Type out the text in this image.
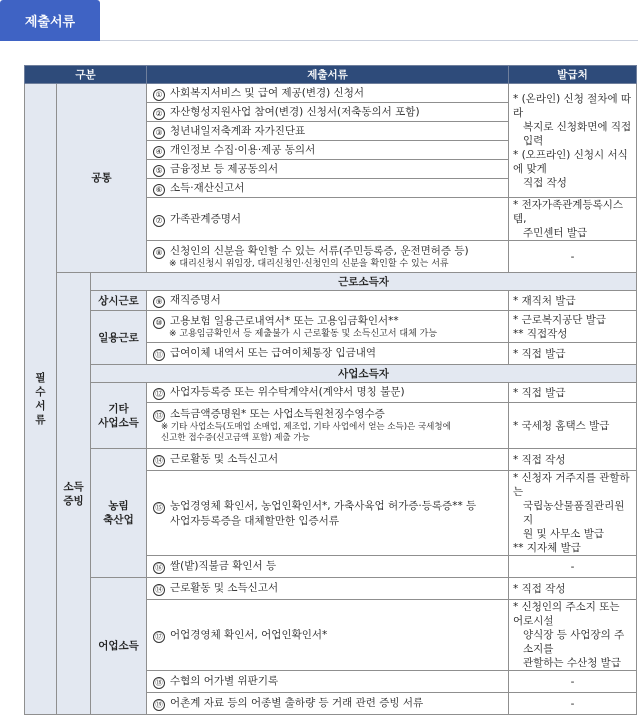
제출서류
구분			제출서류	발급처

필
수
서
류	공통		① 사회복지서비스 및 급여 제공(변경) 신청서	* (온라인) 신청 절차에 따라
복지로 신청화면에 직접 입력
* (오프라인) 신청시 서식에 맞게
직접 작성

			② 자산형성지원사업 참여(변경) 신청서(저축동의서 포함)	
			③ 청년내일저축계좌 자가진단표	
			④ 개인정보 수집·이용·제공 동의서	
			⑤ 금융정보 등 제공동의서	
			⑥ 소득·재산신고서	
			⑦ 가족관계증명서	* 전자가족관계등록시스템,
주민센터 발급

			⑧ 신청인의 신분을 확인할 수 있는 서류(주민등록증, 운전면허증 등)
※ 대리신청시 위임장, 대리신청인·신청인의 신분을 확인할 수 있는 서류	-

	소득
증빙	근로소득자		
		상시근로	⑨ 재직증명서	* 재직처 발급
		일용근로	⑩ 고용보험 일용근로내역서* 또는 고용임금확인서**
※ 고용임금확인서 등 제출불가 시 근로활동 및 소득신고서 대체 가능	* 근로복지공단 발급
** 직접작성

			⑪ 급여이체 내역서 또는 급여이체통장 입금내역	* 직접 발급
		사업소득자		

		기타
사업소득	⑫ 사업자등록증 또는 위수탁계약서(계약서 명칭 불문)	* 직접 발급

			⑬ 소득금액증명원* 또는 사업소득원천징수영수증
※ 기타 사업소득(도매업 소매업, 제조업, 기타 사업에서 얻는 소득)은 국세청에
신고한 접수증(신고금액 포함) 제출 가능	* 국세청 홈택스 발급

		농림
축산업	⑭ 근로활동 및 소득신고서	* 직접 작성

			⑮ 농업경영체 확인서, 농업인확인서*, 가축사육업 허가증·등록증** 등
사업자등록증을 대체할만한 입증서류	* 신청자 거주지를 관할하는
국립농산물품질관리원 지
원 및 사무소 발급
** 지자체 발급

			⑯ 쌀(밭)직불금 확인서 등	-
		어업소득	⑭ 근로활동 및 소득신고서	* 직접 작성
			⑰ 어업경영체 확인서, 어업인확인서*	* 신청인의 주소지 또는 어로시설
양식장 등 사업장의 주소지를
관할하는 수산청 발급

			⑱ 수협의 어가별 위판기록	-
			⑲ 어촌계 자료 등의 어종별 출하량 등 거래 관련 증빙 서류	-
